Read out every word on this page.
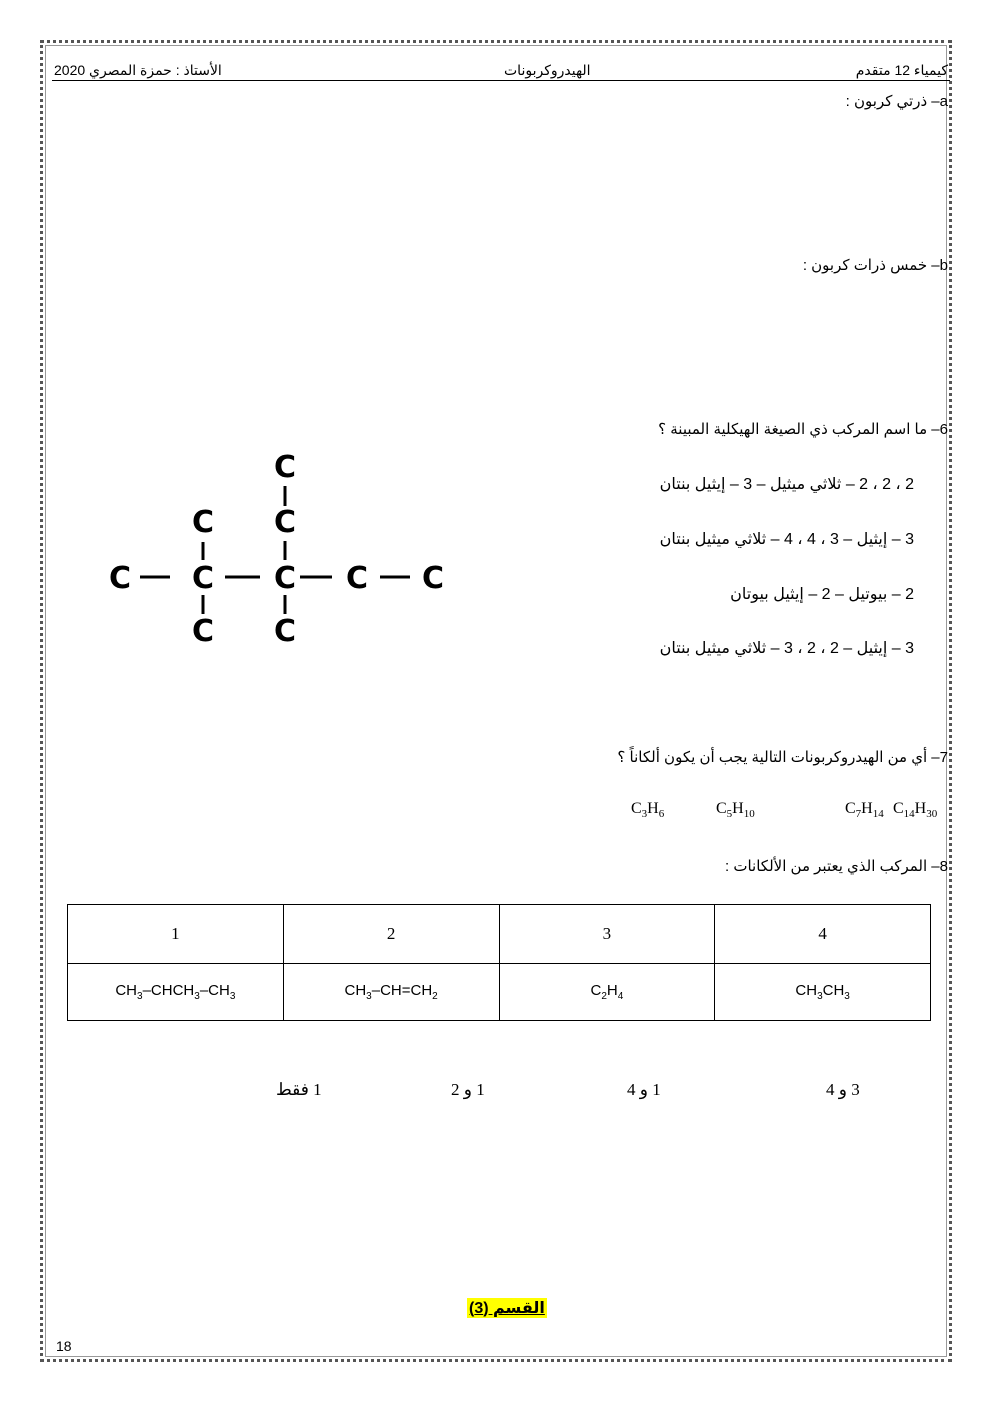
كيمياء 12 متقدم
الهيدروكربونات
الأستاذ : حمزة المصري 2020
a– ذرتي كربون :
b– خمس ذرات كربون :
6– ما اسم المركب ذي الصيغة الهيكلية المبينة ؟
2 ، 2 ، 2 – ثلاثي ميثيل – 3 – إيثيل بنتان
3 – إيثيل – 3 ، 4 ، 4 – ثلاثي ميثيل بنتان
2 – بيوتيل – 2 – إيثيل بيوتان
3 – إيثيل – 2 ، 2 ، 3 – ثلاثي ميثيل بنتان
C C C C C
C
C
C
C
C
7– أي من الهيدروكربونات التالية يجب أن يكون ألكاناً ؟
$C_3H_6$	$C_5H_{10}$	$C_7H_{14}$ $C_{14}H_{30}$
8– المركب الذي يعتبر من الألكانات :
4	3	2	1
$CH_3CH_3$	$C_2H_4$	$CH_3-CH=CH_2$	$CH_3-CHCH_3-CH_3$
3 و 4
1 و 4
1 و 2
1 فقط
القسم (3)
18
